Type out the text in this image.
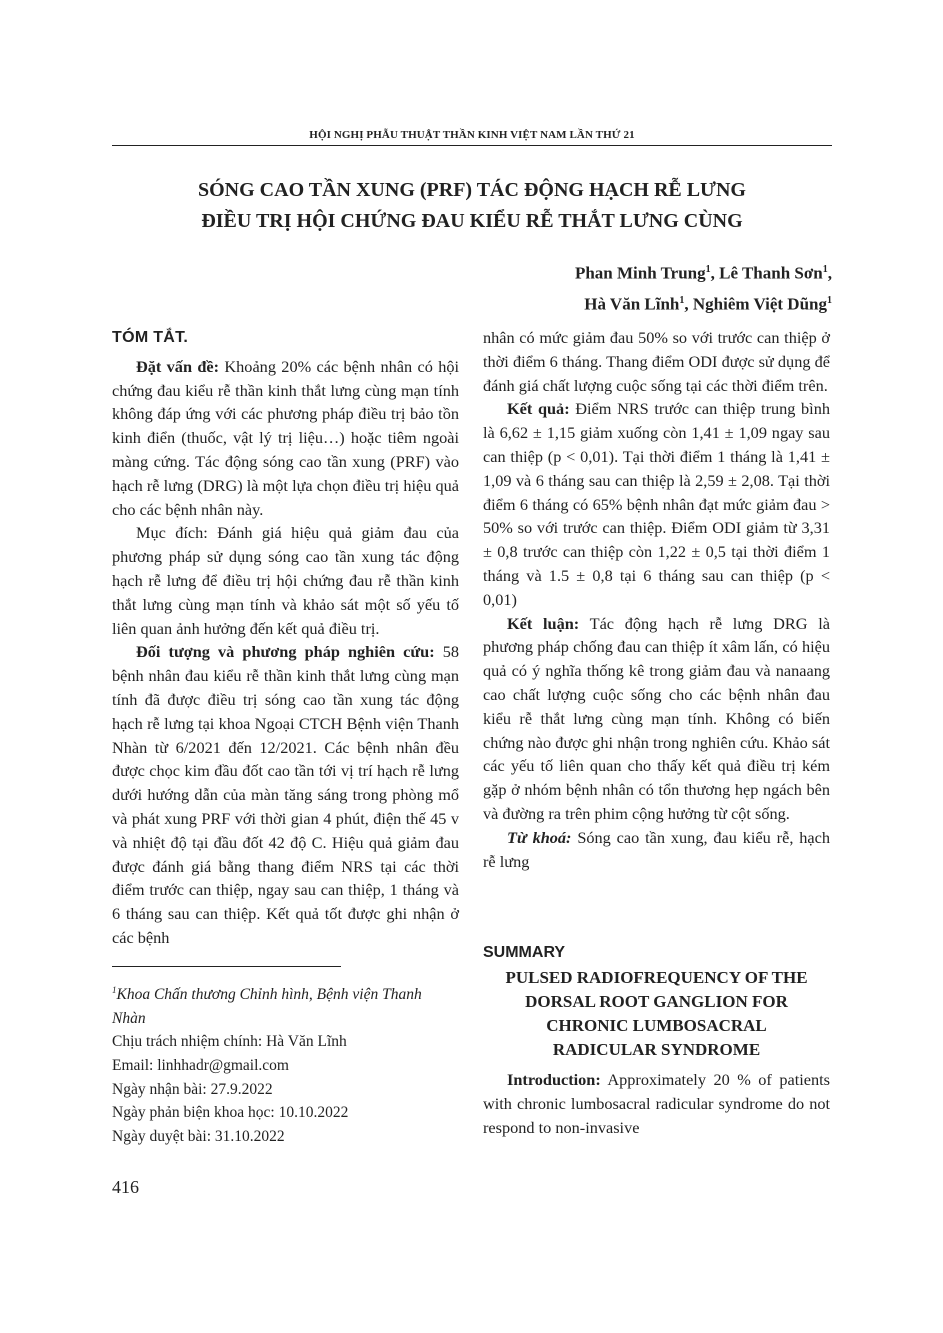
HỘI NGHỊ PHẪU THUẬT THẦN KINH VIỆT NAM LẦN THỨ 21
SÓNG CAO TẦN XUNG (PRF) TÁC ĐỘNG HẠCH RỄ LƯNG
ĐIỀU TRỊ HỘI CHỨNG ĐAU KIỂU RỄ THẮT LƯNG CÙNG
Phan Minh Trung$^1$, Lê Thanh Sơn$^1$,
Hà Văn Lĩnh$^1$, Nghiêm Việt Dũng$^1$
TÓM TẮT.

Đặt vấn đề: Khoảng 20% các bệnh nhân có hội chứng đau kiểu rễ thần kinh thắt lưng cùng mạn tính không đáp ứng với các phương pháp điều trị bảo tồn kinh điển (thuốc, vật lý trị liệu…) hoặc tiêm ngoài màng cứng. Tác động sóng cao tần xung (PRF) vào hạch rễ lưng (DRG) là một lựa chọn điều trị hiệu quả cho các bệnh nhân này.

Mục đích: Đánh giá hiệu quả giảm đau của phương pháp sử dụng sóng cao tần xung tác động hạch rễ lưng để điều trị hội chứng đau rễ thần kinh thắt lưng cùng mạn tính và khảo sát một số yếu tố liên quan ảnh hưởng đến kết quả điều trị.

Đối tượng và phương pháp nghiên cứu: 58 bệnh nhân đau kiểu rễ thần kinh thắt lưng cùng mạn tính đã được điều trị sóng cao tần xung tác động hạch rễ lưng tại khoa Ngoại CTCH Bệnh viện Thanh Nhàn từ 6/2021 đến 12/2021. Các bệnh nhân đều được chọc kim đầu đốt cao tần tới vị trí hạch rễ lưng dưới hướng dẫn của màn tăng sáng trong phòng mổ và phát xung PRF với thời gian 4 phút, điện thế 45 v và nhiệt độ tại đầu đốt 42 độ C. Hiệu quả giảm đau được đánh giá bằng thang điểm NRS tại các thời điểm trước can thiệp, ngay sau can thiệp, 1 tháng và 6 tháng sau can thiệp. Kết quả tốt được ghi nhận ở các bệnh

nhân có mức giảm đau 50% so với trước can thiệp ở thời điểm 6 tháng. Thang điểm ODI được sử dụng để đánh giá chất lượng cuộc sống tại các thời điểm trên.

Kết quả: Điểm NRS trước can thiệp trung bình là 6,62 ± 1,15 giảm xuống còn 1,41 ± 1,09 ngay sau can thiệp (p < 0,01). Tại thời điểm 1 tháng là 1,41 ± 1,09 và 6 tháng sau can thiệp là 2,59 ± 2,08. Tại thời điểm 6 tháng có 65% bệnh nhân đạt mức giảm đau > 50% so với trước can thiệp. Điểm ODI giảm từ 3,31 ± 0,8 trước can thiệp còn 1,22 ± 0,5 tại thời điểm 1 tháng và 1.5 ± 0,8 tại 6 tháng sau can thiệp (p < 0,01)

Kết luận: Tác động hạch rễ lưng DRG là phương pháp chống đau can thiệp ít xâm lấn, có hiệu quả có ý nghĩa thống kê trong giảm đau và nanaang cao chất lượng cuộc sống cho các bệnh nhân đau kiểu rễ thắt lưng cùng mạn tính. Không có biến chứng nào được ghi nhận trong nghiên cứu. Khảo sát các yếu tố liên quan cho thấy kết quả điều trị kém gặp ở nhóm bệnh nhân có tổn thương hẹp ngách bên và đường ra trên phim cộng hưởng từ cột sống.

Từ khoá: Sóng cao tần xung, đau kiểu rễ, hạch rễ lưng

$^1$Khoa Chấn thương Chỉnh hình, Bệnh viện Thanh Nhàn

Chịu trách nhiệm chính: Hà Văn Lĩnh

Email: linhhadr@gmail.com

Ngày nhận bài: 27.9.2022

Ngày phản biện khoa học: 10.10.2022

Ngày duyệt bài: 31.10.2022

SUMMARY
PULSED RADIOFREQUENCY OF THE
DORSAL ROOT GANGLION FOR
CHRONIC LUMBOSACRAL
RADICULAR SYNDROME

Introduction: Approximately 20 % of patients with chronic lumbosacral radicular syndrome do not respond to non-invasive

416
